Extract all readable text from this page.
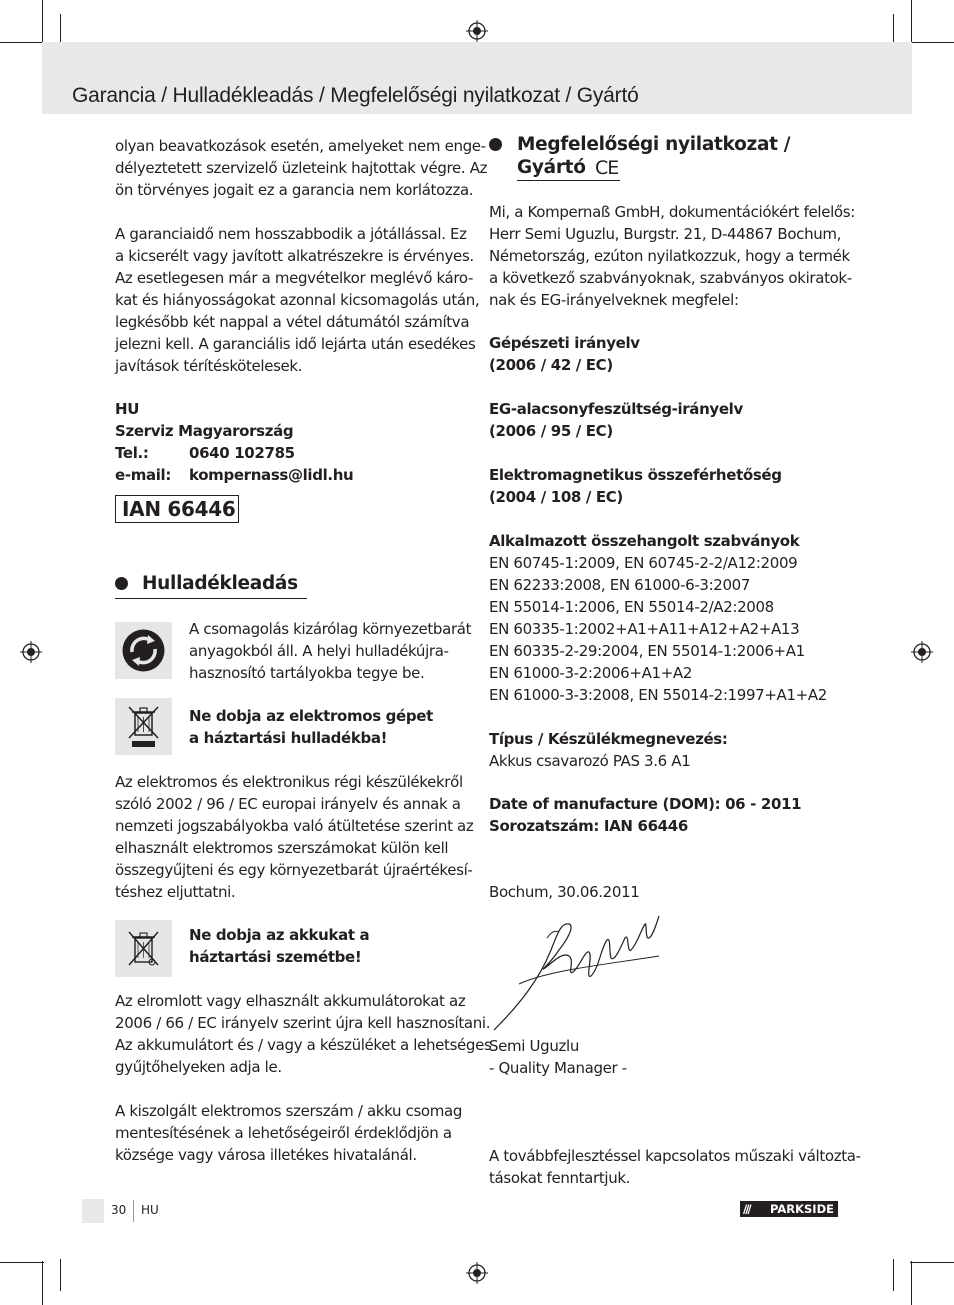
Garancia / Hulladékleadás / Megfelelőségi nyilatkozat / Gyártó
olyan beavatkozások esetén, amelyeket nem enge-
délyeztetett szervizelő üzleteink hajtottak végre. Az
ön törvényes jogait ez a garancia nem korlátozza.
A garanciaidő nem hosszabbodik a jótállással. Ez
a kicserélt vagy javított alkatrészekre is érvényes.
Az esetlegesen már a megvételkor meglévő káro-
kat és hiányosságokat azonnal kicsomagolás után,
legkésőbb két nappal a vétel dátumától számítva
jelezni kell. A garanciális idő lejárta után esedékes
javítások térítéskötelesek.
HU
Szerviz Magyarország
Tel.:	0640 102785
e-mail: kompernass@lidl.hu
IAN 66446
Hulladékleadás
A csomagolás kizárólag környezetbarát
anyagokból áll. A helyi hulladékújra-
hasznosító tartályokba tegye be.
Ne dobja az elektromos gépet
a háztartási hulladékba!
Az elektromos és elektronikus régi készülékekről
szóló 2002 / 96 / EC europai irányelv és annak a
nemzeti jogszabályokba való átültetése szerint az
elhasznált elektromos szerszámokat külön kell
összegyűjteni és egy környezetbarát újraértékesí-
téshez eljuttatni.
Ne dobja az akkukat a
háztartási szemétbe!
Az elromlott vagy elhasznált akkumulátorokat az
2006 / 66 / EC irányelv szerint újra kell hasznosítani.
Az akkumulátort és / vagy a készüléket a lehetséges
gyűjtőhelyeken adja le.
A kiszolgált elektromos szerszám / akku csomag
mentesítésének a lehetőségeiről érdeklődjön a
községe vagy városa illetékes hivatalánál.
Megfelelőségi nyilatkozat /
Gyártó CE
Mi, a Kompernaß GmbH, dokumentációkért felelős:
Herr Semi Uguzlu, Burgstr. 21, D-44867 Bochum,
Németország, ezúton nyilatkozzuk, hogy a termék
a következő szabványoknak, szabványos okiratok-
nak és EG-irányelveknek megfelel:
Gépészeti irányelv
(2006 / 42 / EC)
EG-alacsonyfeszültség-irányelv
(2006 / 95 / EC)
Elektromagnetikus összeférhetőség
(2004 / 108 / EC)
Alkalmazott összehangolt szabványok
EN 60745-1:2009, EN 60745-2-2/A12:2009
EN 62233:2008, EN 61000-6-3:2007
EN 55014-1:2006, EN 55014-2/A2:2008
EN 60335-1:2002+A1+A11+A12+A2+A13
EN 60335-2-29:2004, EN 55014-1:2006+A1
EN 61000-3-2:2006+A1+A2
EN 61000-3-3:2008, EN 55014-2:1997+A1+A2
Típus / Készülékmegnevezés:
Akkus csavarozó PAS 3.6 A1
Date of manufacture (DOM): 06 - 2011
Sorozatszám: IAN 66446
Bochum, 30.06.2011
Semi Uguzlu
- Quality Manager -
A továbbfejlesztéssel kapcsolatos műszaki változta-
tásokat fenntartjuk.
30 HU	/// PARKSIDE
